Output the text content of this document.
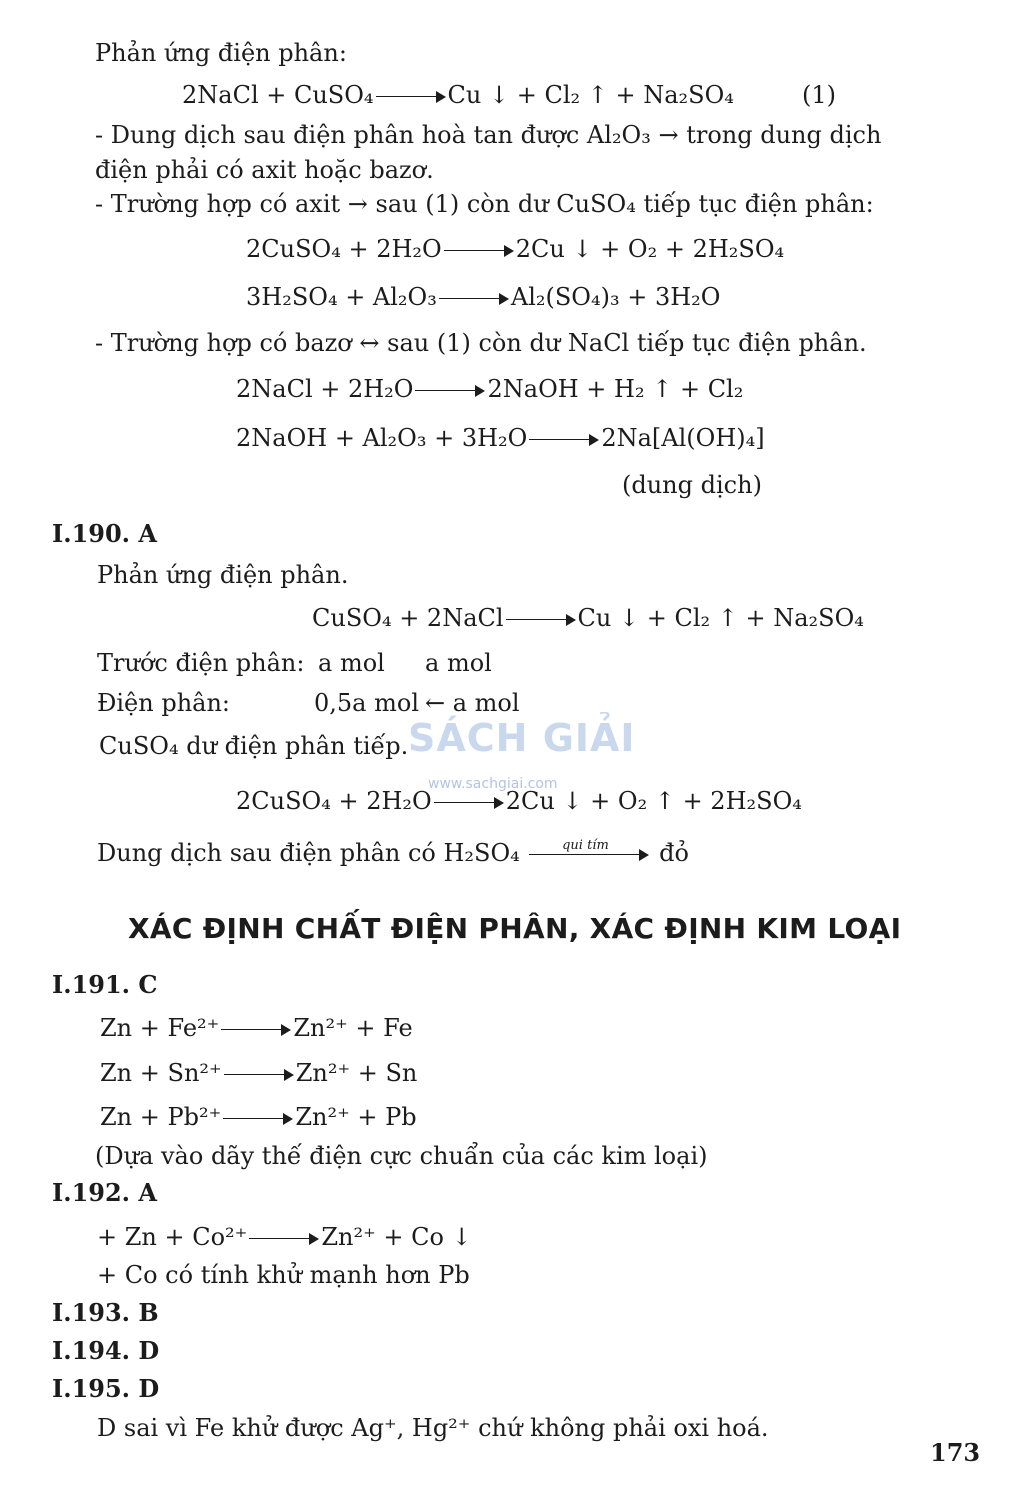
SÁCH GIẢI
www.sachgiai.com
Phản ứng điện phân:
2NaCl + CuSO₄	Cu ↓ + Cl₂ ↑ + Na₂SO₄	(1)
- Dung dịch sau điện phân hoà tan được Al₂O₃ → trong dung dịch
điện phải có axit hoặc bazơ.
- Trường hợp có axit → sau (1) còn dư CuSO₄ tiếp tục điện phân:
2CuSO₄ + 2H₂O	2Cu ↓ + O₂ + 2H₂SO₄
3H₂SO₄ + Al₂O₃	Al₂(SO₄)₃ + 3H₂O
- Trường hợp có bazơ ↔ sau (1) còn dư NaCl tiếp tục điện phân.
2NaCl + 2H₂O	2NaOH + H₂ ↑ + Cl₂
2NaOH + Al₂O₃ + 3H₂O	2Na[Al(OH)₄]
(dung dịch)
I.190. A
Phản ứng điện phân.
CuSO₄ + 2NaCl	Cu ↓ + Cl₂ ↑ + Na₂SO₄
Trước điện phân: a mol a mol
Điện phân:	0,5a mol ← a mol
CuSO₄ dư điện phân tiếp.
2CuSO₄ + 2H₂O	2Cu ↓ + O₂ ↑ + 2H₂SO₄
Dung dịch sau điện phân có H₂SO₄	qui tím	đỏ
XÁC ĐỊNH CHẤT ĐIỆN PHÂN, XÁC ĐỊNH KIM LOẠI
I.191. C
Zn + Fe²⁺	Zn²⁺ + Fe
Zn + Sn²⁺	Zn²⁺ + Sn
Zn + Pb²⁺	Zn²⁺ + Pb
(Dựa vào dãy thế điện cực chuẩn của các kim loại)
I.192. A
+ Zn + Co²⁺	Zn²⁺ + Co ↓
+ Co có tính khử mạnh hơn Pb
I.193. B
I.194. D
I.195. D
D sai vì Fe khử được Ag⁺, Hg²⁺ chứ không phải oxi hoá.
173
